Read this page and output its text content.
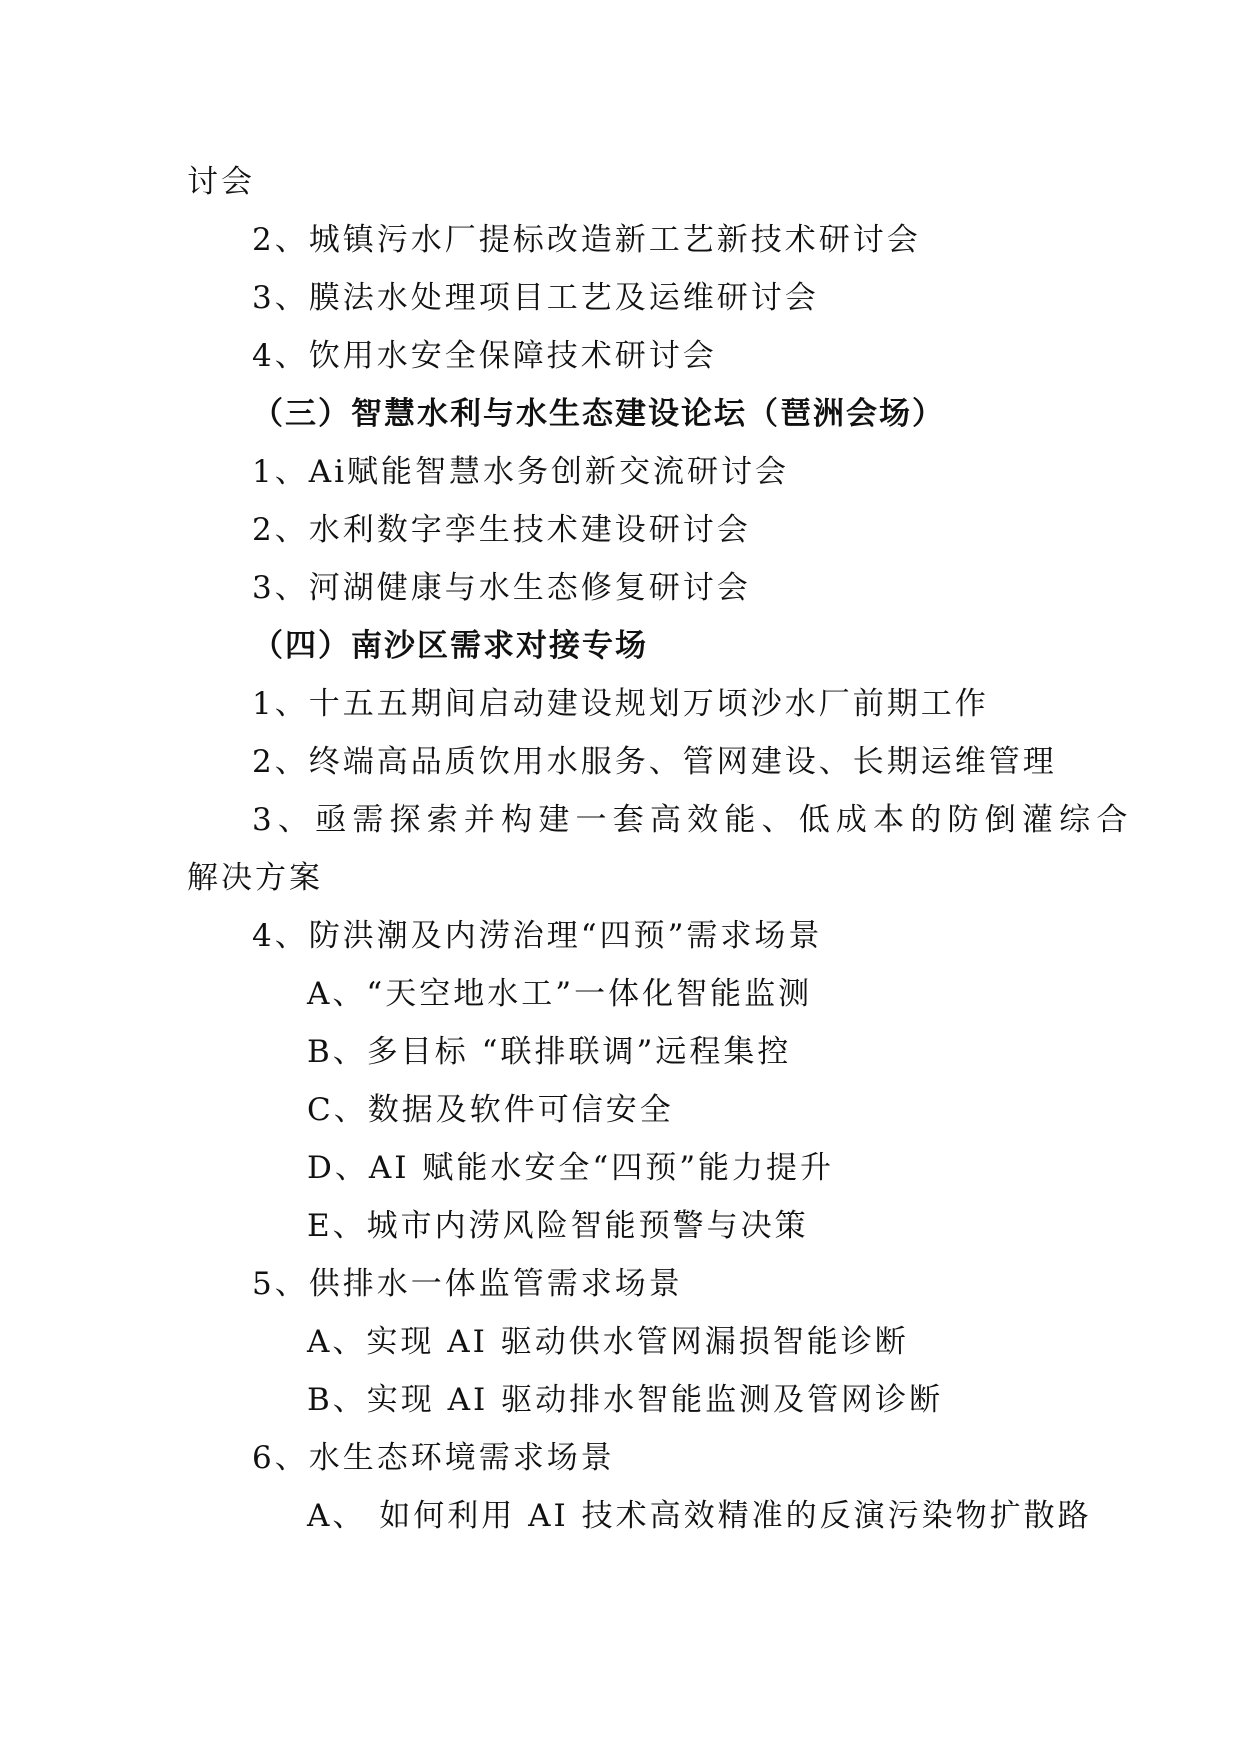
讨会
2、城镇污水厂提标改造新工艺新技术研讨会
3、膜法水处理项目工艺及运维研讨会
4、饮用水安全保障技术研讨会
（三）智慧水利与水生态建设论坛（琶洲会场）
1、Ai赋能智慧水务创新交流研讨会
2、水利数字孪生技术建设研讨会
3、河湖健康与水生态修复研讨会
（四）南沙区需求对接专场
1、十五五期间启动建设规划万顷沙水厂前期工作
2、终端高品质饮用水服务、管网建设、长期运维管理
3、亟需探索并构建一套高效能、低成本的防倒灌综合
解决方案
4、防洪潮及内涝治理“四预”需求场景
A、“天空地水工”一体化智能监测
B、多目标 “联排联调”远程集控
C、数据及软件可信安全
D、AI 赋能水安全“四预”能力提升
E、城市内涝风险智能预警与决策
5、供排水一体监管需求场景
A、实现 AI 驱动供水管网漏损智能诊断
B、实现 AI 驱动排水智能监测及管网诊断
6、水生态环境需求场景
A、 如何利用 AI 技术高效精准的反演污染物扩散路
